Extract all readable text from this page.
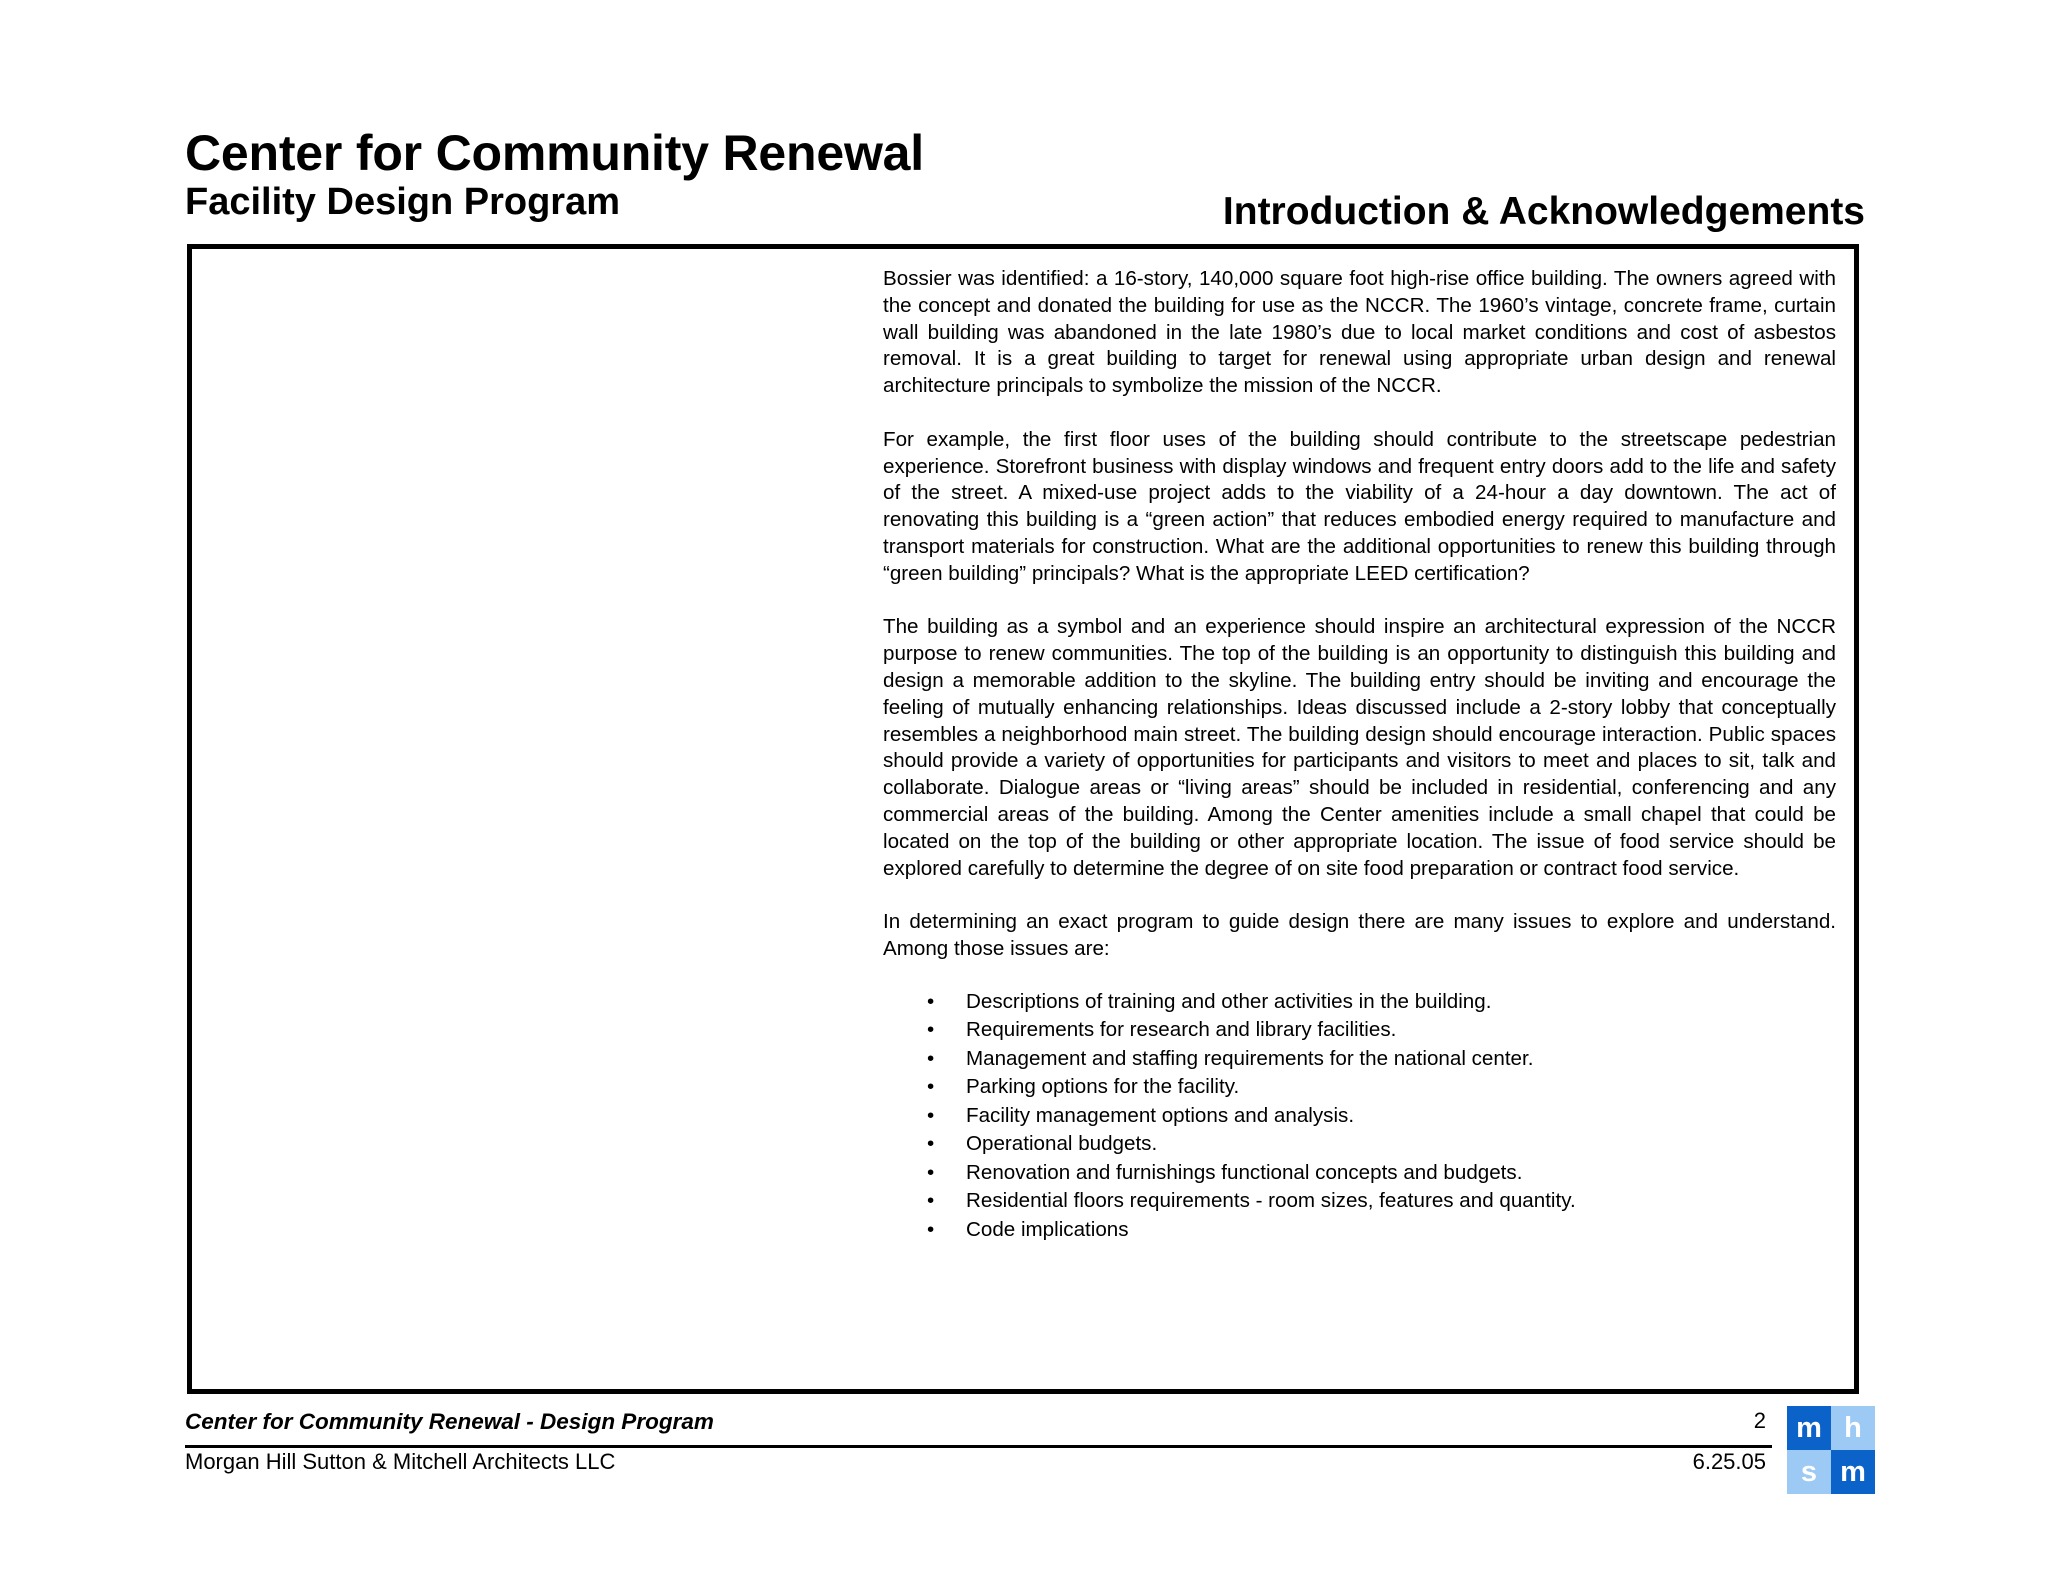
Center for Community Renewal
Facility Design Program	Introduction & Acknowledgements

Bossier was identified: a 16-story, 140,000 square foot high-rise office building. The owners agreed with the concept and donated the building for use as the NCCR. The 1960’s vintage, concrete frame, curtain wall building was abandoned in the late 1980’s due to local market conditions and cost of asbestos removal. It is a great building to target for renewal using appropriate urban design and renewal architecture principals to symbolize the mission of the NCCR.

For example, the first floor uses of the building should contribute to the streetscape pedestrian experience. Storefront business with display windows and frequent entry doors add to the life and safety of the street. A mixed-use project adds to the viability of a 24-hour a day downtown. The act of renovating this building is a “green action” that reduces embodied energy required to manufacture and transport materials for construction. What are the additional opportunities to renew this building through “green building” principals? What is the appropriate LEED certification?

The building as a symbol and an experience should inspire an architectural expression of the NCCR purpose to renew communities. The top of the building is an opportunity to distinguish this building and design a memorable addition to the skyline. The building entry should be inviting and encourage the feeling of mutually enhancing relationships. Ideas discussed include a 2-story lobby that conceptually resembles a neighborhood main street. The building design should encourage interaction. Public spaces should provide a variety of opportunities for participants and visitors to meet and places to sit, talk and collaborate. Dialogue areas or “living areas” should be included in residential, conferencing and any commercial areas of the building. Among the Center amenities include a small chapel that could be located on the top of the building or other appropriate location. The issue of food service should be explored carefully to determine the degree of on site food preparation or contract food service.

In determining an exact program to guide design there are many issues to explore and understand. Among those issues are:

• Descriptions of training and other activities in the building.
• Requirements for research and library facilities.
• Management and staffing requirements for the national center.
• Parking options for the facility.
• Facility management options and analysis.
• Operational budgets.
• Renovation and furnishings functional concepts and budgets.
• Residential floors requirements - room sizes, features and quantity.
• Code implications
Center for Community Renewal - Design Program	2
Morgan Hill Sutton & Mitchell Architects LLC	6.25.05
m h
s m
